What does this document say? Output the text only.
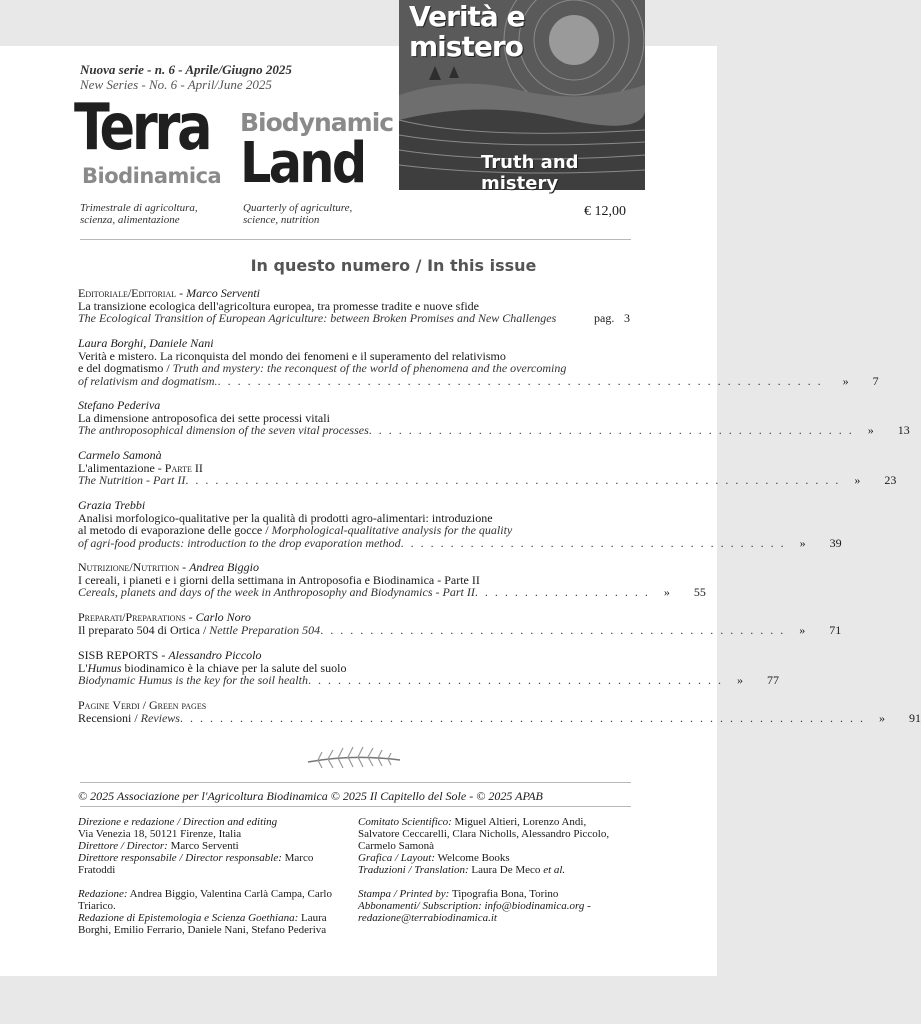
Nuova serie - n. 6 - Aprile/Giugno 2025
New Series - No. 6 - April/June 2025
Terra
Biodinamica
Biodynamic
Land
Trimestrale di agricoltura, scienza, alimentazione
Quarterly of agriculture, science, nutrition
€ 12,00
Verità e mistero
Truth and mistery
In questo numero / In this issue
Editoriale/Editorial - Marco Serventi
La transizione ecologica dell'agricoltura europea, tra promesse tradite e nuove sfide
The Ecological Transition of European Agriculture: between Broken Promises and New Challenges	pag. 3
Laura Borghi, Daniele Nani
Verità e mistero. La riconquista del mondo dei fenomeni e il superamento del relativismo
e del dogmatismo / Truth and mystery: the reconquest of the world of phenomena and the overcoming
of relativism and dogmatism. . . . . . . . . . . . . . . . . . . . . . . . . . . . . . . . . . . . . . . . . . . . . . . . . . . . . . . . . . . . . .	» 7
Stefano Pederiva
La dimensione antroposofica dei sette processi vitali
The anthroposophical dimension of the seven vital processes . . . . . . . . . . . . . . . . . . . . . . . . . . . . . . . . . . . . . . . . . . . . . . . . .	» 13
Carmelo Samonà
L'alimentazione - Parte II
The Nutrition - Part II . . . . . . . . . . . . . . . . . . . . . . . . . . . . . . . . . . . . . . . . . . . . . . . . . . . . . . . . . . . . . . . . . .	» 23
Grazia Trebbi
Analisi morfologico-qualitative per la qualità di prodotti agro-alimentari: introduzione
al metodo di evaporazione delle gocce / Morphological-qualitative analysis for the quality
of agri-food products: introduction to the drop evaporation method . . . . . . . . . . . . . . . . . . . . . . . . . . . . . . . . . . . . . . .	» 39
Nutrizione/Nutrition - Andrea Biggio
I cereali, i pianeti e i giorni della settimana in Antroposofia e Biodinamica - Parte II
Cereals, planets and days of the week in Anthroposophy and Biodynamics - Part II . . . . . . . . . . . . . . . . . .	» 55
Preparati/Preparations - Carlo Noro
Il preparato 504 di Ortica / Nettle Preparation 504 . . . . . . . . . . . . . . . . . . . . . . . . . . . . . . . . . . . . . . . . . . . . . . .	» 71
SISB REPORTS - Alessandro Piccolo
L'Humus biodinamico è la chiave per la salute del suolo
Biodynamic Humus is the key for the soil health . . . . . . . . . . . . . . . . . . . . . . . . . . . . . . . . . . . . . . . . . .	» 77
Pagine Verdi / Green pages
Recensioni / Reviews . . . . . . . . . . . . . . . . . . . . . . . . . . . . . . . . . . . . . . . . . . . . . . . . . . . . . . . . . . . . . . . . . . . . .	» 91
© 2025 Associazione per l'Agricoltura Biodinamica © 2025 Il Capitello del Sole - © 2025 APAB
Direzione e redazione / Direction and editing
Via Venezia 18, 50121 Firenze, Italia
Direttore / Director: Marco Serventi
Direttore responsabile / Director responsable: Marco Fratoddi
Redazione: Andrea Biggio, Valentina Carlà Campa, Carlo
Triarico.
Redazione di Epistemologia e Scienza Goethiana: Laura
Borghi, Emilio Ferrario, Daniele Nani, Stefano Pederiva
Comitato Scientifico: Miguel Altieri, Lorenzo Andi,
Salvatore Ceccarelli, Clara Nicholls, Alessandro Piccolo,
Carmelo Samonà
Grafica / Layout: Welcome Books
Traduzioni / Translation: Laura De Meco et al.
Stampa / Printed by: Tipografia Bona, Torino
Abbonamenti/ Subscription: info@biodinamica.org -
redazione@terrabiodinamica.it
